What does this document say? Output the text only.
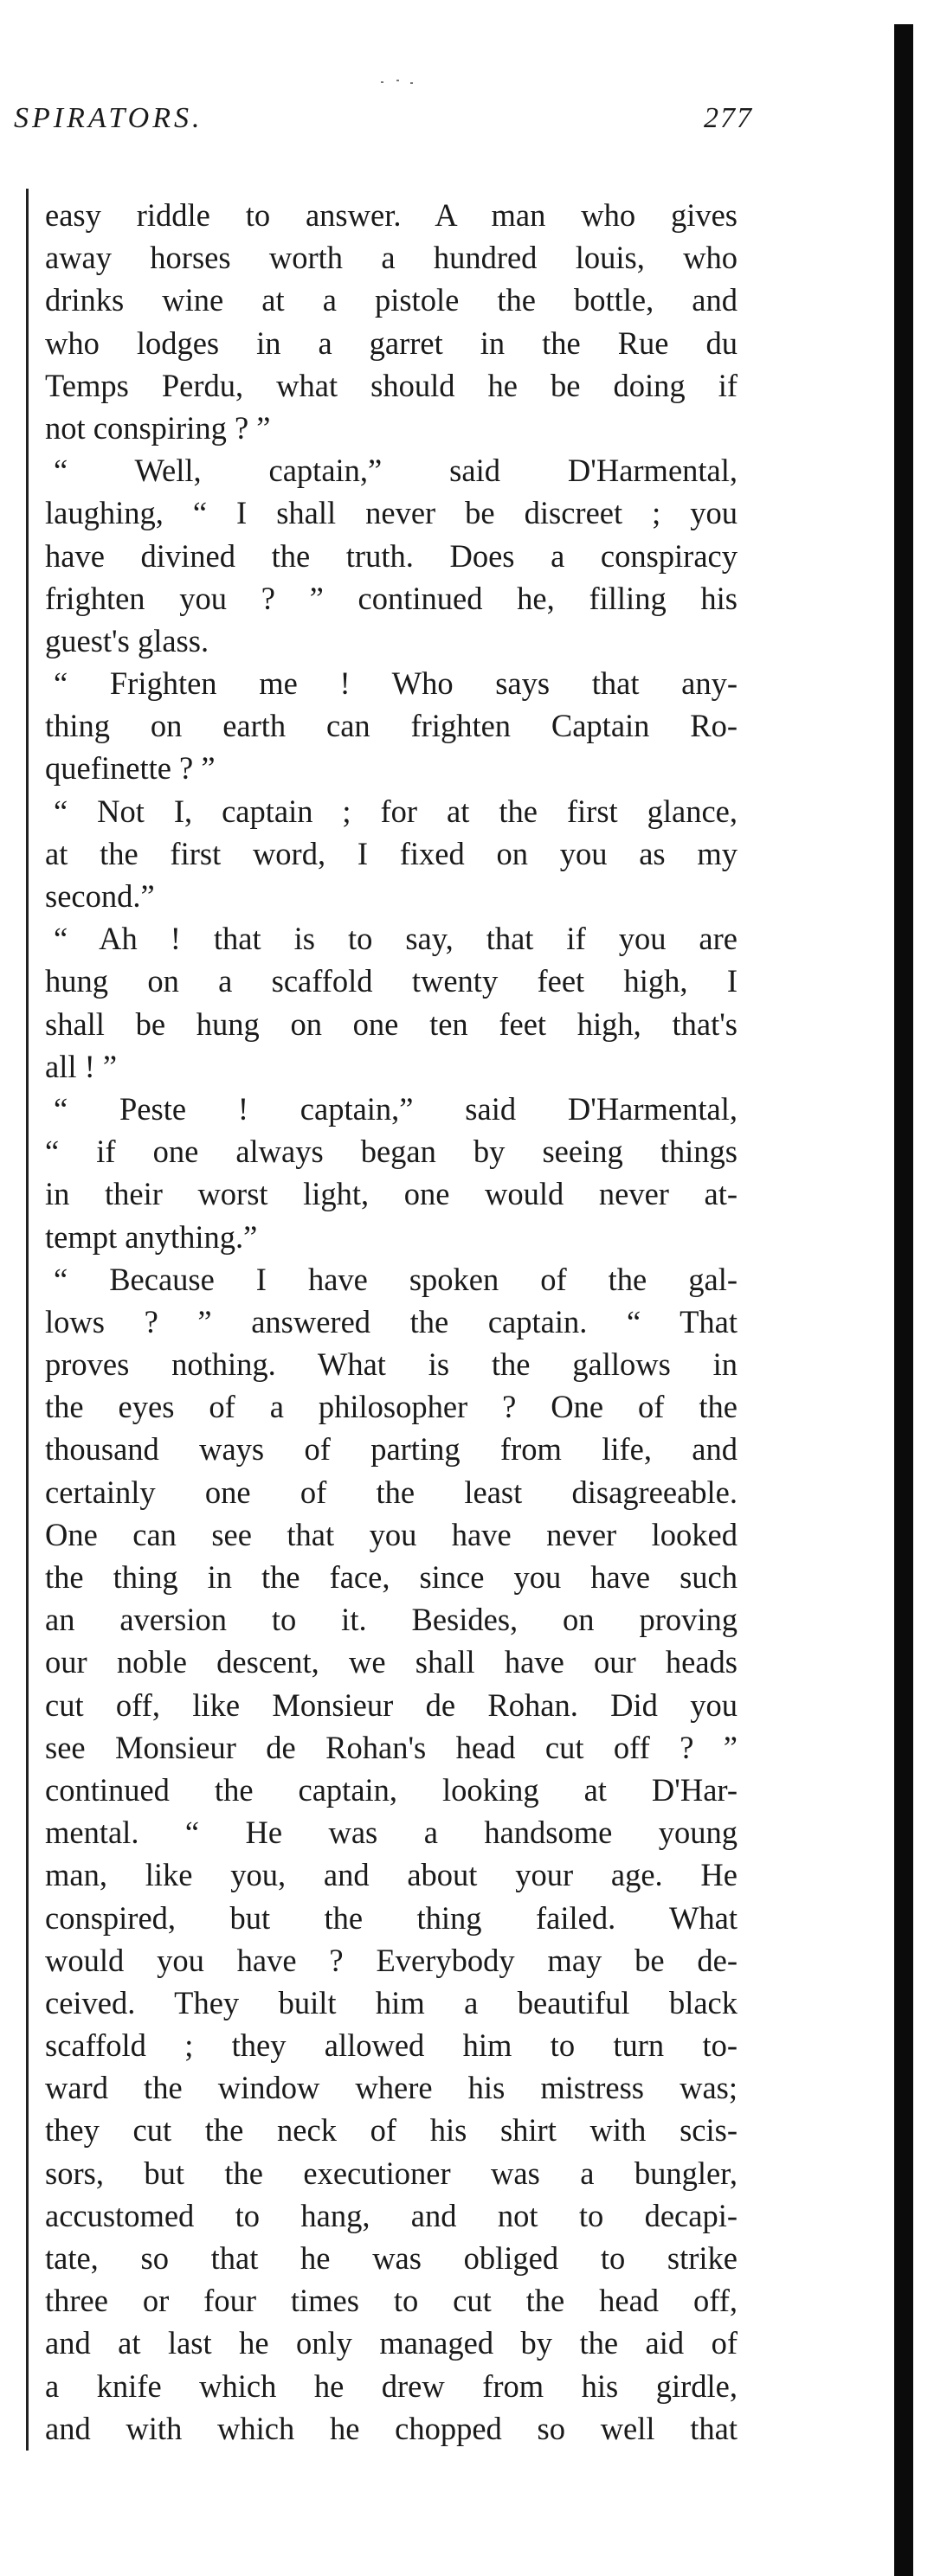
SPIRATORS.	277
easy riddle to answer. A man who gives
away horses worth a hundred louis, who
drinks wine at a pistole the bottle, and
who lodges in a garret in the Rue du
Temps Perdu, what should he be doing if
not conspiring ? ”
“ Well, captain,” said D'Harmental,
laughing, “ I shall never be discreet ; you
have divined the truth. Does a conspiracy
frighten you ? ” continued he, filling his
guest's glass.
“ Frighten me ! Who says that any-
thing on earth can frighten Captain Ro-
quefinette ? ”
“ Not I, captain ; for at the first glance,
at the first word, I fixed on you as my
second.”
“ Ah ! that is to say, that if you are
hung on a scaffold twenty feet high, I
shall be hung on one ten feet high, that's
all ! ”
“ Peste ! captain,” said D'Harmental,
“ if one always began by seeing things
in their worst light, one would never at-
tempt anything.”
“ Because I have spoken of the gal-
lows ? ” answered the captain. “ That
proves nothing. What is the gallows in
the eyes of a philosopher ? One of the
thousand ways of parting from life, and
certainly one of the least disagreeable.
One can see that you have never looked
the thing in the face, since you have such
an aversion to it. Besides, on proving
our noble descent, we shall have our heads
cut off, like Monsieur de Rohan. Did you
see Monsieur de Rohan's head cut off ? ”
continued the captain, looking at D'Har-
mental. “ He was a handsome young
man, like you, and about your age. He
conspired, but the thing failed. What
would you have ? Everybody may be de-
ceived. They built him a beautiful black
scaffold ; they allowed him to turn to-
ward the window where his mistress was;
they cut the neck of his shirt with scis-
sors, but the executioner was a bungler,
accustomed to hang, and not to decapi-
tate, so that he was obliged to strike
three or four times to cut the head off,
and at last he only managed by the aid of
a knife which he drew from his girdle,
and with which he chopped so well that
